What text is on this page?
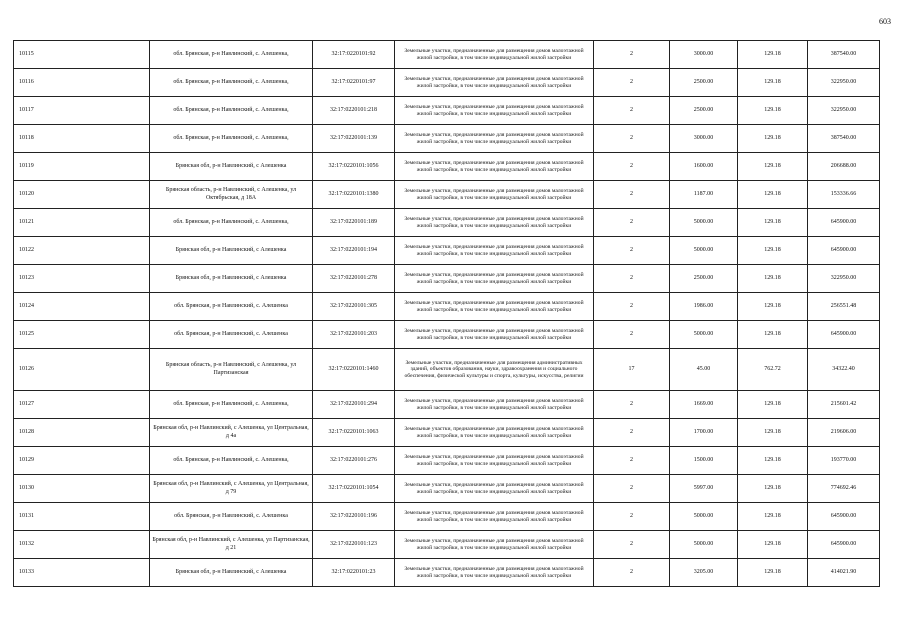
603
10115	обл. Брянская, р-н Навлинский, с. Алешенка,	32:17:0220101:92	Земельные участки, предназначенные для размещения домов малоэтажной жилой застройки, в том числе индивидуальной жилой застройки	2	3000.00	129.18	387540.00
10116	обл. Брянская, р-н Навлинский, с. Алешенка,	32:17:0220101:97	Земельные участки, предназначенные для размещения домов малоэтажной жилой застройки, в том числе индивидуальной жилой застройки	2	2500.00	129.18	322950.00
10117	обл. Брянская, р-н Навлинский, с. Алешенка,	32:17:0220101:218	Земельные участки, предназначенные для размещения домов малоэтажной жилой застройки, в том числе индивидуальной жилой застройки	2	2500.00	129.18	322950.00
10118	обл. Брянская, р-н Навлинский, с. Алешенка,	32:17:0220101:139	Земельные участки, предназначенные для размещения домов малоэтажной жилой застройки, в том числе индивидуальной жилой застройки	2	3000.00	129.18	387540.00
10119	Брянская обл, р-н Навлинский, с Алешенка	32:17:0220101:1056	Земельные участки, предназначенные для размещения домов малоэтажной жилой застройки, в том числе индивидуальной жилой застройки	2	1600.00	129.18	206688.00
10120	Брянская область, р-н Навлинский, с Алешенка, ул Октябрьская, д 18А	32:17:0220101:1380	Земельные участки, предназначенные для размещения домов малоэтажной жилой застройки, в том числе индивидуальной жилой застройки	2	1187.00	129.18	153336.66
10121	обл. Брянская, р-н Навлинский, с. Алешенка,	32:17:0220101:189	Земельные участки, предназначенные для размещения домов малоэтажной жилой застройки, в том числе индивидуальной жилой застройки	2	5000.00	129.18	645900.00
10122	Брянская обл, р-н Навлинский, с Алешенка	32:17:0220101:194	Земельные участки, предназначенные для размещения домов малоэтажной жилой застройки, в том числе индивидуальной жилой застройки	2	5000.00	129.18	645900.00
10123	Брянская обл, р-н Навлинский, с Алешенка	32:17:0220101:278	Земельные участки, предназначенные для размещения домов малоэтажной жилой застройки, в том числе индивидуальной жилой застройки	2	2500.00	129.18	322950.00
10124	обл. Брянская, р-н Навлинский, с. Алешенка	32:17:0220101:305	Земельные участки, предназначенные для размещения домов малоэтажной жилой застройки, в том числе индивидуальной жилой застройки	2	1986.00	129.18	256551.48
10125	обл. Брянская, р-н Навлинский, с. Алешенка	32:17:0220101:203	Земельные участки, предназначенные для размещения домов малоэтажной жилой застройки, в том числе индивидуальной жилой застройки	2	5000.00	129.18	645900.00
10126	Брянская область, р-н Навлинский, с Алешенка, ул Партизанская	32:17:0220101:1460	Земельные участки, предназначенные для размещения административных зданий, объектов образования, науки, здравоохранения и социального обеспечения, физической культуры и спорта, культуры, искусства, религии	17	45.00	762.72	34322.40
10127	обл. Брянская, р-н Навлинский, с. Алешенка,	32:17:0220101:294	Земельные участки, предназначенные для размещения домов малоэтажной жилой застройки, в том числе индивидуальной жилой застройки	2	1669.00	129.18	215601.42
10128	Брянская обл, р-н Навлинский, с Алешенка, ул Центральная, д 4а	32:17:0220101:1063	Земельные участки, предназначенные для размещения домов малоэтажной жилой застройки, в том числе индивидуальной жилой застройки	2	1700.00	129.18	219606.00
10129	обл. Брянская, р-н Навлинский, с. Алешенка,	32:17:0220101:276	Земельные участки, предназначенные для размещения домов малоэтажной жилой застройки, в том числе индивидуальной жилой застройки	2	1500.00	129.18	193770.00
10130	Брянская обл, р-н Навлинский, с Алешенка, ул Центральная, д 79	32:17:0220101:1054	Земельные участки, предназначенные для размещения домов малоэтажной жилой застройки, в том числе индивидуальной жилой застройки	2	5997.00	129.18	774692.46
10131	обл. Брянская, р-н Навлинский, с. Алешенка	32:17:0220101:196	Земельные участки, предназначенные для размещения домов малоэтажной жилой застройки, в том числе индивидуальной жилой застройки	2	5000.00	129.18	645900.00
10132	Брянская обл, р-н Навлинский, с Алешенка, ул Партизанская, д 21	32:17:0220101:123	Земельные участки, предназначенные для размещения домов малоэтажной жилой застройки, в том числе индивидуальной жилой застройки	2	5000.00	129.18	645900.00
10133	Брянская обл, р-н Навлинский, с Алешенка	32:17:0220101:23	Земельные участки, предназначенные для размещения домов малоэтажной жилой застройки, в том числе индивидуальной жилой застройки	2	3205.00	129.18	414021.90
